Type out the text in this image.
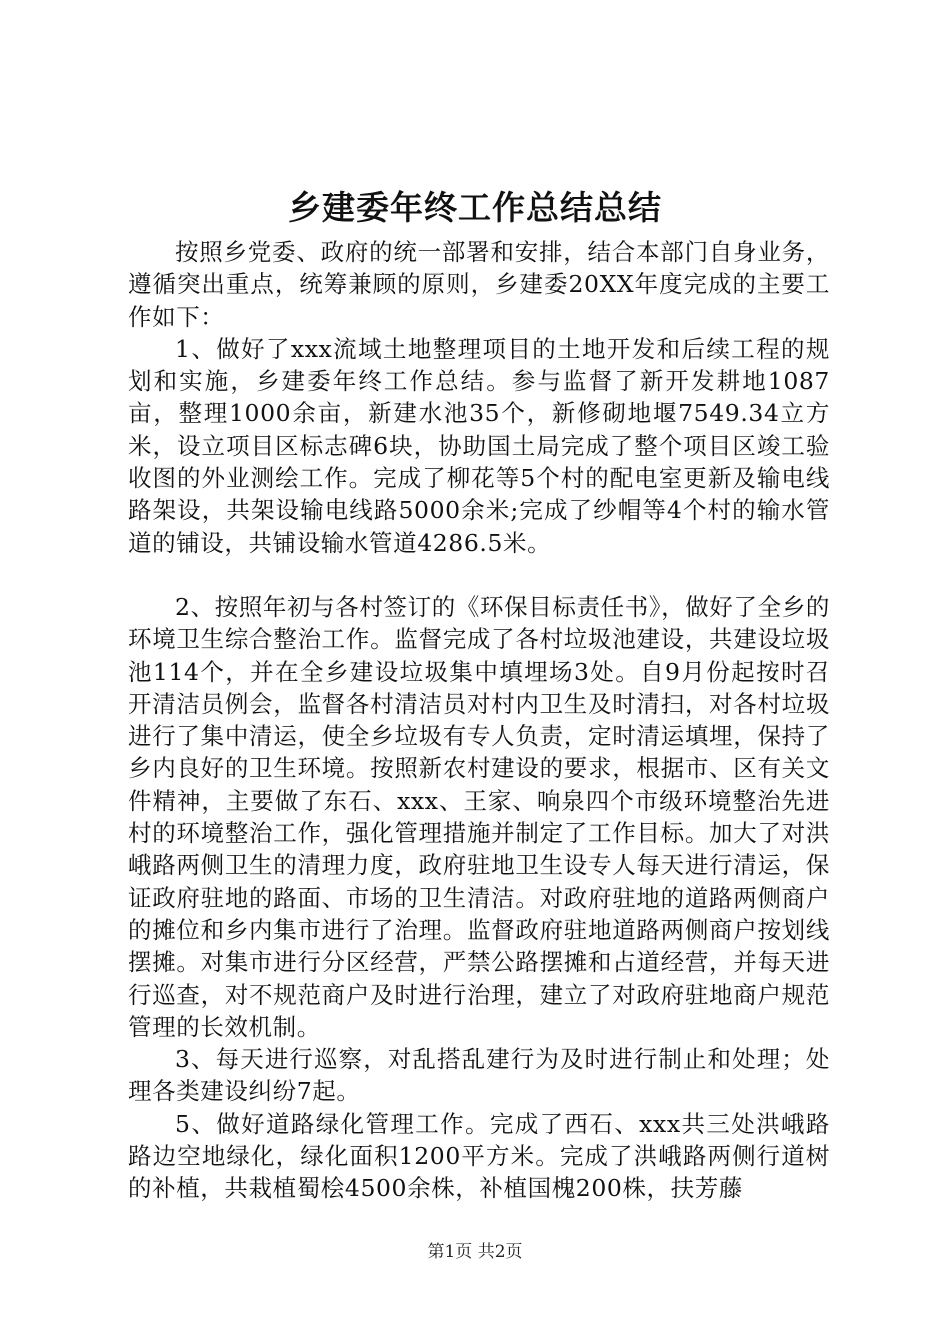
乡建委年终工作总结总结

按照乡党委、政府的统一部署和安排，结合本部门自身业务，遵循突出重点，统筹兼顾的原则，乡建委20XX年度完成的主要工作如下：

1、做好了xxx流域土地整理项目的土地开发和后续工程的规划和实施，乡建委年终工作总结。参与监督了新开发耕地1087亩，整理1000余亩，新建水池35个，新修砌地堰7549.34立方米，设立项目区标志碑6块，协助国土局完成了整个项目区竣工验收图的外业测绘工作。完成了柳花等5个村的配电室更新及输电线路架设，共架设输电线路5000余米;完成了纱帽等4个村的输水管道的铺设，共铺设输水管道4286.5米。

2、按照年初与各村签订的《环保目标责任书》，做好了全乡的环境卫生综合整治工作。监督完成了各村垃圾池建设，共建设垃圾池114个，并在全乡建设垃圾集中填埋场3处。自9月份起按时召开清洁员例会，监督各村清洁员对村内卫生及时清扫，对各村垃圾进行了集中清运，使全乡垃圾有专人负责，定时清运填埋，保持了乡内良好的卫生环境。按照新农村建设的要求，根据市、区有关文件精神，主要做了东石、xxx、王家、响泉四个市级环境整治先进村的环境整治工作，强化管理措施并制定了工作目标。加大了对洪峨路两侧卫生的清理力度，政府驻地卫生设专人每天进行清运，保证政府驻地的路面、市场的卫生清洁。对政府驻地的道路两侧商户的摊位和乡内集市进行了治理。监督政府驻地道路两侧商户按划线摆摊。对集市进行分区经营，严禁公路摆摊和占道经营，并每天进行巡查，对不规范商户及时进行治理，建立了对政府驻地商户规范管理的长效机制。

3、每天进行巡察，对乱搭乱建行为及时进行制止和处理；处理各类建设纠纷7起。

5、做好道路绿化管理工作。完成了西石、xxx共三处洪峨路路边空地绿化，绿化面积1200平方米。完成了洪峨路两侧行道树的补植，共栽植蜀桧4500余株，补植国槐200株，扶芳藤

第1页 共2页
